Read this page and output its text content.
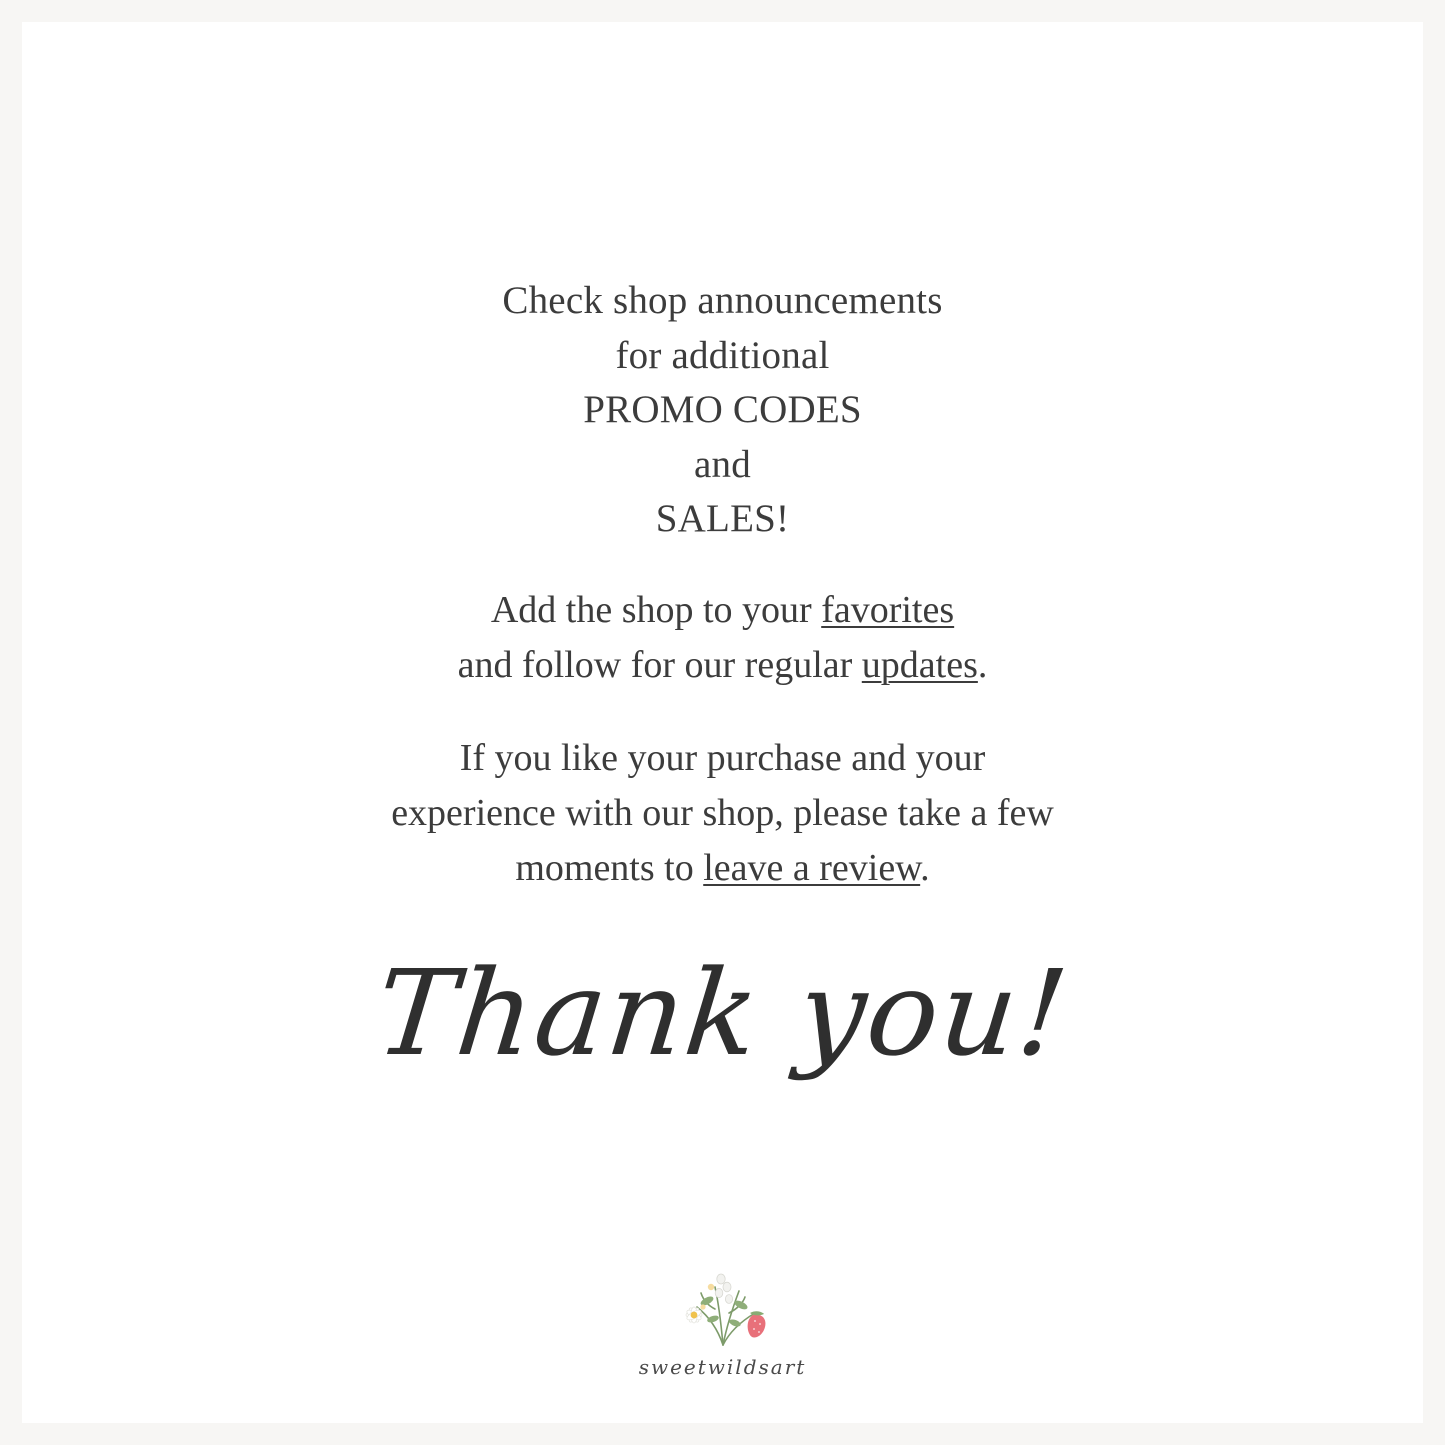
Check shop announcements
for additional
PROMO CODES
and
SALES!
Add the shop to your favorites
and follow for our regular updates.
If you like your purchase and your
experience with our shop, please take a few
moments to leave a review.
Thank you!
sweetwildsart
